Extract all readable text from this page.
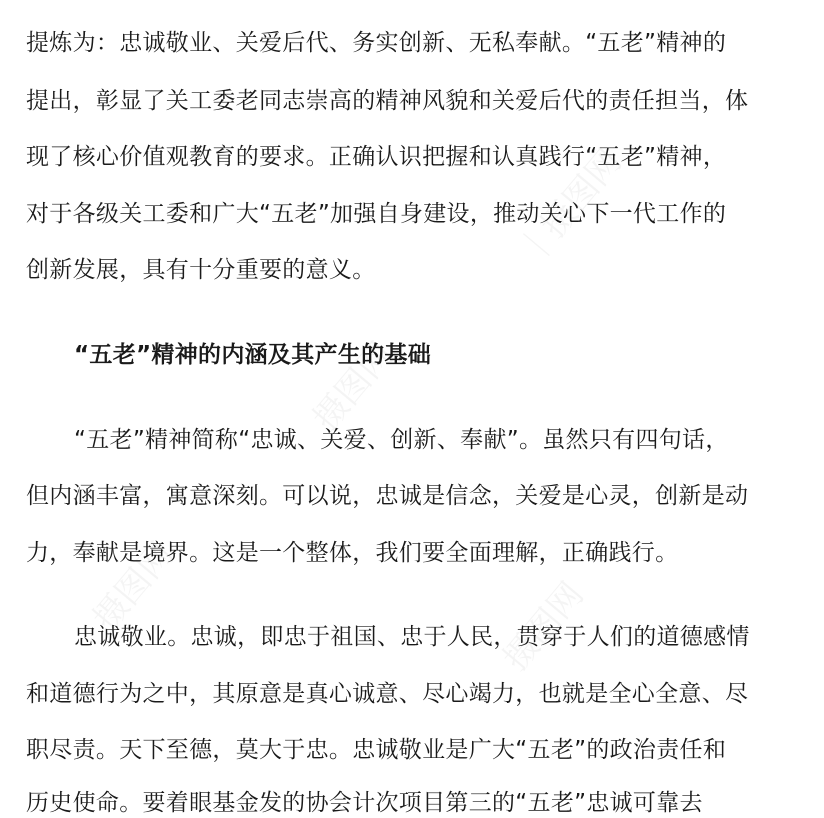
｜摄图网
摄图网
摄图网	摄图网
提炼为：忠诚敬业、关爱后代、务实创新、无私奉献。“五老”精神的
提出，彰显了关工委老同志崇高的精神风貌和关爱后代的责任担当，体
现了核心价值观教育的要求。正确认识把握和认真践行“五老”精神，
对于各级关工委和广大“五老”加强自身建设，推动关心下一代工作的
创新发展，具有十分重要的意义。
“五老”精神的内涵及其产生的基础
“五老”精神简称“忠诚、关爱、创新、奉献”。虽然只有四句话，
但内涵丰富，寓意深刻。可以说，忠诚是信念，关爱是心灵，创新是动
力，奉献是境界。这是一个整体，我们要全面理解，正确践行。
忠诚敬业。忠诚，即忠于祖国、忠于人民，贯穿于人们的道德感情
和道德行为之中，其原意是真心诚意、尽心竭力，也就是全心全意、尽
职尽责。天下至德，莫大于忠。忠诚敬业是广大“五老”的政治责任和
历史使命。要着眼基金发的协会计次项目第三的“五老”忠诚可靠去
